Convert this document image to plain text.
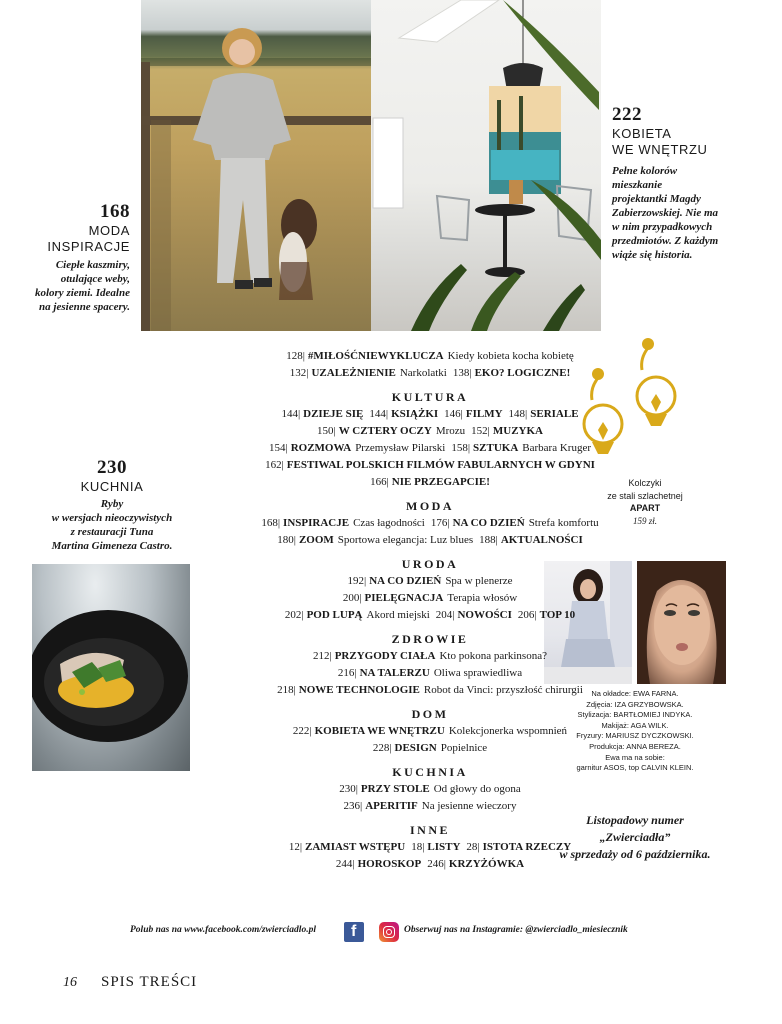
Kolczyki
ze stali szlachetnej
APART
159 zł.
168
MODA
INSPIRACJE
Ciepłe kaszmiry,
otulające weby,
kolory ziemi. Idealne
na jesienne spacery.
222
KOBIETA
WE WNĘTRZU
Pełne kolorów
mieszkanie
projektantki Magdy
Zabierzowskiej. Nie ma
w nim przypadkowych
przedmiotów. Z każdym
wiąże się historia.
230
KUCHNIA
Ryby
w wersjach nieoczywistych
z restauracji Tuna
Martina Gimeneza Castro.
128| #MIŁOŚĆNIEWYKLUCZA Kiedy kobieta kocha kobietę
132| UZALEŻNIENIE Narkolatki 138| EKO? LOGICZNE!
KULTURA
144| DZIEJE SIĘ 144| KSIĄŻKI 146| FILMY 148| SERIALE
150| W CZTERY OCZY Mrozu 152| MUZYKA
154| ROZMOWA Przemysław Pilarski 158| SZTUKA Barbara Kruger
162| FESTIWAL POLSKICH FILMÓW FABULARNYCH W GDYNI
166| NIE PRZEGAPCIE!
MODA
168| INSPIRACJE Czas łagodności 176| NA CO DZIEŃ Strefa komfortu
180| ZOOM Sportowa elegancja: Luz blues 188| AKTUALNOŚCI
URODA
192| NA CO DZIEŃ Spa w plenerze
200| PIELĘGNACJA Terapia włosów
202| POD LUPĄ Akord miejski 204| NOWOŚCI 206| TOP 10
ZDROWIE
212| PRZYGODY CIAŁA Kto pokona parkinsona?
216| NA TALERZU Oliwa sprawiedliwa
218| NOWE TECHNOLOGIE Robot da Vinci: przyszłość chirurgii
DOM
222| KOBIETA WE WNĘTRZU Kolekcjonerka wspomnień
228| DESIGN Popielnice
KUCHNIA
230| PRZY STOLE Od głowy do ogona
236| APERITIF Na jesienne wieczory
INNE
12| ZAMIAST WSTĘPU 18| LISTY 28| ISTOTA RZECZY
244| HOROSKOP 246| KRZYŻÓWKA
Na okładce: EWA FARNA.
Zdjęcia: IZA GRZYBOWSKA.
Stylizacja: BARTŁOMIEJ INDYKA.
Makijaż: AGA WILK.
Fryzury: MARIUSZ DYCZKOWSKI.
Produkcja: ANNA BEREZA.
Ewa ma na sobie:
garnitur ASOS, top CALVIN KLEIN.
Listopadowy numer
„Zwierciadła”
w sprzedaży od 6 października.
Polub nas na www.facebook.com/zwierciadlo.pl f	Obserwuj nas na Instagramie: @zwierciadlo_miesiecznik
16 SPIS TREŚCI
